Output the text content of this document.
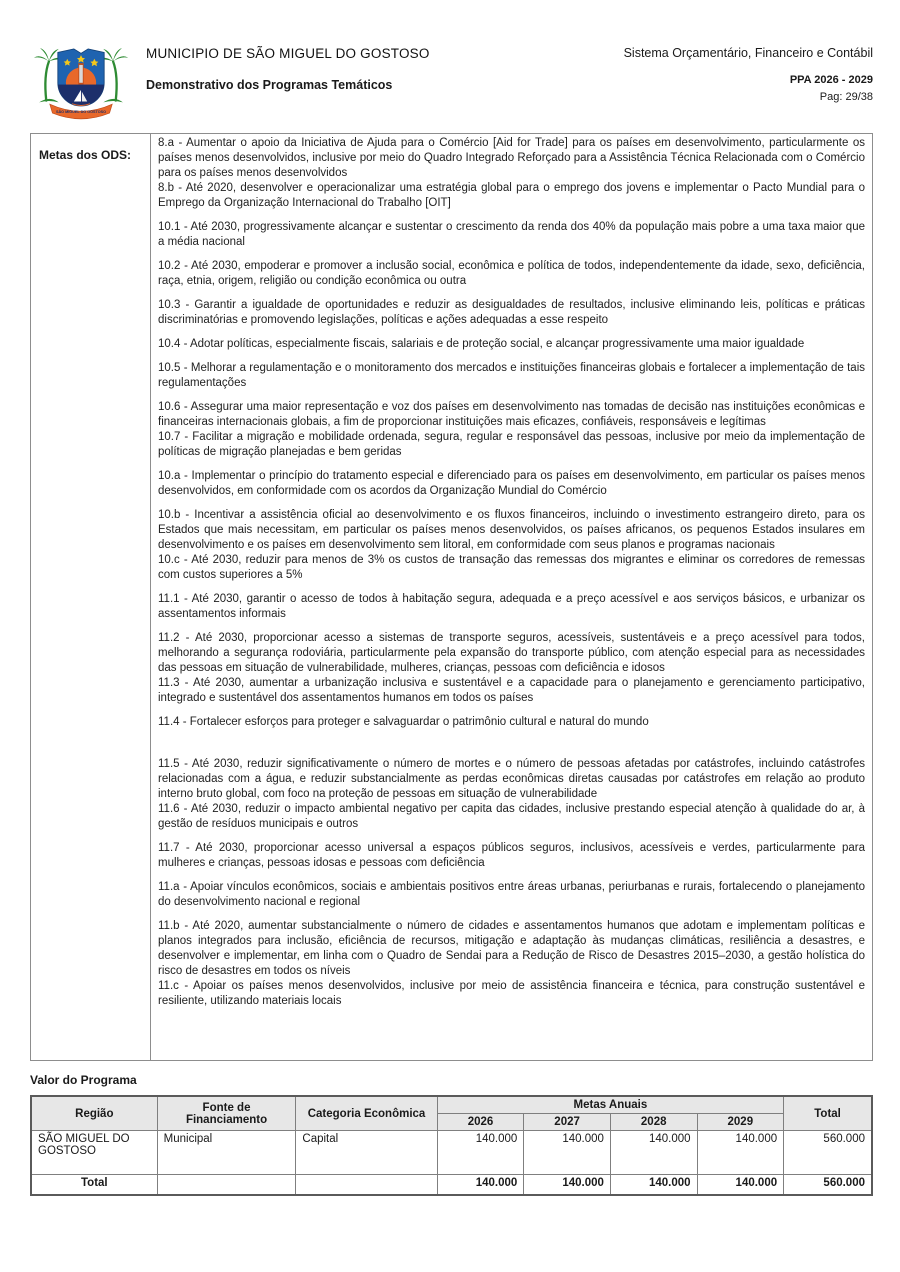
SÃO MIGUEL DO GOSTOSO
MUNICIPIO DE SÃO MIGUEL DO GOSTOSO
Demonstrativo dos Programas Temáticos
Sistema Orçamentário, Financeiro e Contábil
PPA 2026 - 2029
Pag: 29/38
Metas dos ODS:

8.a - Aumentar o apoio da Iniciativa de Ajuda para o Comércio [Aid for Trade] para os países em desenvolvimento, particularmente os países menos desenvolvidos, inclusive por meio do Quadro Integrado Reforçado para a Assistência Técnica Relacionada com o Comércio para os países menos desenvolvidos

8.b - Até 2020, desenvolver e operacionalizar uma estratégia global para o emprego dos jovens e implementar o Pacto Mundial para o Emprego da Organização Internacional do Trabalho [OIT]

10.1 - Até 2030, progressivamente alcançar e sustentar o crescimento da renda dos 40% da população mais pobre a uma taxa maior que a média nacional

10.2 - Até 2030, empoderar e promover a inclusão social, econômica e política de todos, independentemente da idade, sexo, deficiência, raça, etnia, origem, religião ou condição econômica ou outra

10.3 - Garantir a igualdade de oportunidades e reduzir as desigualdades de resultados, inclusive eliminando leis, políticas e práticas discriminatórias e promovendo legislações, políticas e ações adequadas a esse respeito

10.4 - Adotar políticas, especialmente fiscais, salariais e de proteção social, e alcançar progressivamente uma maior igualdade

10.5 - Melhorar a regulamentação e o monitoramento dos mercados e instituições financeiras globais e fortalecer a implementação de tais regulamentações

10.6 - Assegurar uma maior representação e voz dos países em desenvolvimento nas tomadas de decisão nas instituições econômicas e financeiras internacionais globais, a fim de proporcionar instituições mais eficazes, confiáveis, responsáveis e legítimas

10.7 - Facilitar a migração e mobilidade ordenada, segura, regular e responsável das pessoas, inclusive por meio da implementação de políticas de migração planejadas e bem geridas

10.a - Implementar o princípio do tratamento especial e diferenciado para os países em desenvolvimento, em particular os países menos desenvolvidos, em conformidade com os acordos da Organização Mundial do Comércio

10.b - Incentivar a assistência oficial ao desenvolvimento e os fluxos financeiros, incluindo o investimento estrangeiro direto, para os Estados que mais necessitam, em particular os países menos desenvolvidos, os países africanos, os pequenos Estados insulares em desenvolvimento e os países em desenvolvimento sem litoral, em conformidade com seus planos e programas nacionais

10.c - Até 2030, reduzir para menos de 3% os custos de transação das remessas dos migrantes e eliminar os corredores de remessas com custos superiores a 5%

11.1 - Até 2030, garantir o acesso de todos à habitação segura, adequada e a preço acessível e aos serviços básicos, e urbanizar os assentamentos informais

11.2 - Até 2030, proporcionar acesso a sistemas de transporte seguros, acessíveis, sustentáveis e a preço acessível para todos, melhorando a segurança rodoviária, particularmente pela expansão do transporte público, com atenção especial para as necessidades das pessoas em situação de vulnerabilidade, mulheres, crianças, pessoas com deficiência e idosos

11.3 - Até 2030, aumentar a urbanização inclusiva e sustentável e a capacidade para o planejamento e gerenciamento participativo, integrado e sustentável dos assentamentos humanos em todos os países

11.4 - Fortalecer esforços para proteger e salvaguardar o patrimônio cultural e natural do mundo

11.5 - Até 2030, reduzir significativamente o número de mortes e o número de pessoas afetadas por catástrofes, incluindo catástrofes relacionadas com a água, e reduzir substancialmente as perdas econômicas diretas causadas por catástrofes em relação ao produto interno bruto global, com foco na proteção de pessoas em situação de vulnerabilidade

11.6 - Até 2030, reduzir o impacto ambiental negativo per capita das cidades, inclusive prestando especial atenção à qualidade do ar, à gestão de resíduos municipais e outros

11.7 - Até 2030, proporcionar acesso universal a espaços públicos seguros, inclusivos, acessíveis e verdes, particularmente para mulheres e crianças, pessoas idosas e pessoas com deficiência

11.a - Apoiar vínculos econômicos, sociais e ambientais positivos entre áreas urbanas, periurbanas e rurais, fortalecendo o planejamento do desenvolvimento nacional e regional

11.b - Até 2020, aumentar substancialmente o número de cidades e assentamentos humanos que adotam e implementam políticas e planos integrados para inclusão, eficiência de recursos, mitigação e adaptação às mudanças climáticas, resiliência a desastres, e desenvolver e implementar, em linha com o Quadro de Sendai para a Redução de Risco de Desastres 2015–2030, a gestão holística do risco de desastres em todos os níveis

11.c - Apoiar os países menos desenvolvidos, inclusive por meio de assistência financeira e técnica, para construção sustentável e resiliente, utilizando materiais locais

Valor do Programa
Região	Fonte de Financiamento	Categoria Econômica	Metas Anuais				Total
			2026	2027	2028	2029	
SÃO MIGUEL DO GOSTOSO	Municipal	Capital	140.000	140.000	140.000	140.000	560.000
Total			140.000	140.000	140.000	140.000	560.000
